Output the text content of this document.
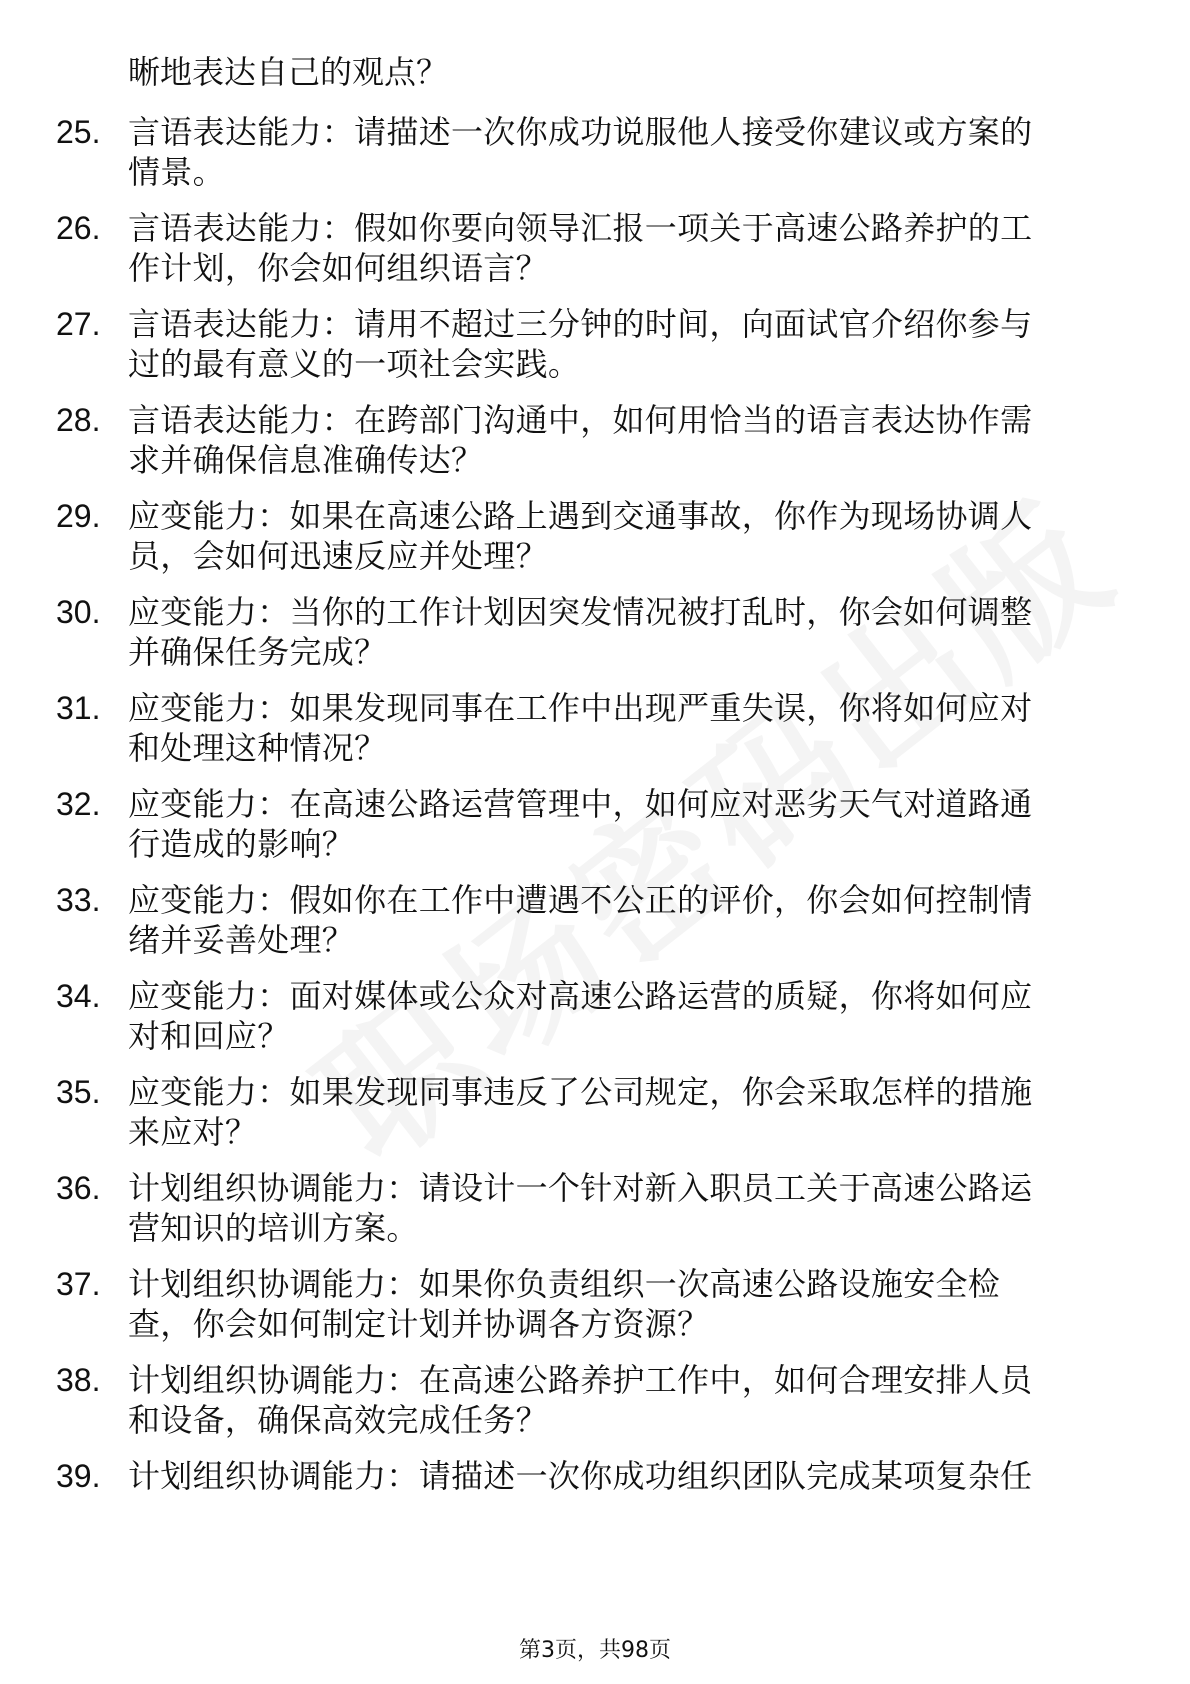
晰地表达自己的观点？
25. 言语表达能力：请描述一次你成功说服他人接受你建议或方案的
情景。
26. 言语表达能力：假如你要向领导汇报一项关于高速公路养护的工
作计划，你会如何组织语言？
27. 言语表达能力：请用不超过三分钟的时间，向面试官介绍你参与
过的最有意义的一项社会实践。
28. 言语表达能力：在跨部门沟通中，如何用恰当的语言表达协作需
求并确保信息准确传达？
29. 应变能力：如果在高速公路上遇到交通事故，你作为现场协调人
员，会如何迅速反应并处理？
30. 应变能力：当你的工作计划因突发情况被打乱时，你会如何调整
并确保任务完成？
31. 应变能力：如果发现同事在工作中出现严重失误，你将如何应对
和处理这种情况？
32. 应变能力：在高速公路运营管理中，如何应对恶劣天气对道路通
行造成的影响？
33. 应变能力：假如你在工作中遭遇不公正的评价，你会如何控制情
绪并妥善处理？
34. 应变能力：面对媒体或公众对高速公路运营的质疑，你将如何应
对和回应？
35. 应变能力：如果发现同事违反了公司规定，你会采取怎样的措施
来应对？
36. 计划组织协调能力：请设计一个针对新入职员工关于高速公路运
营知识的培训方案。
37. 计划组织协调能力：如果你负责组织一次高速公路设施安全检
查，你会如何制定计划并协调各方资源？
38. 计划组织协调能力：在高速公路养护工作中，如何合理安排人员
和设备，确保高效完成任务？
39. 计划组织协调能力：请描述一次你成功组织团队完成某项复杂任
第3页，共98页
